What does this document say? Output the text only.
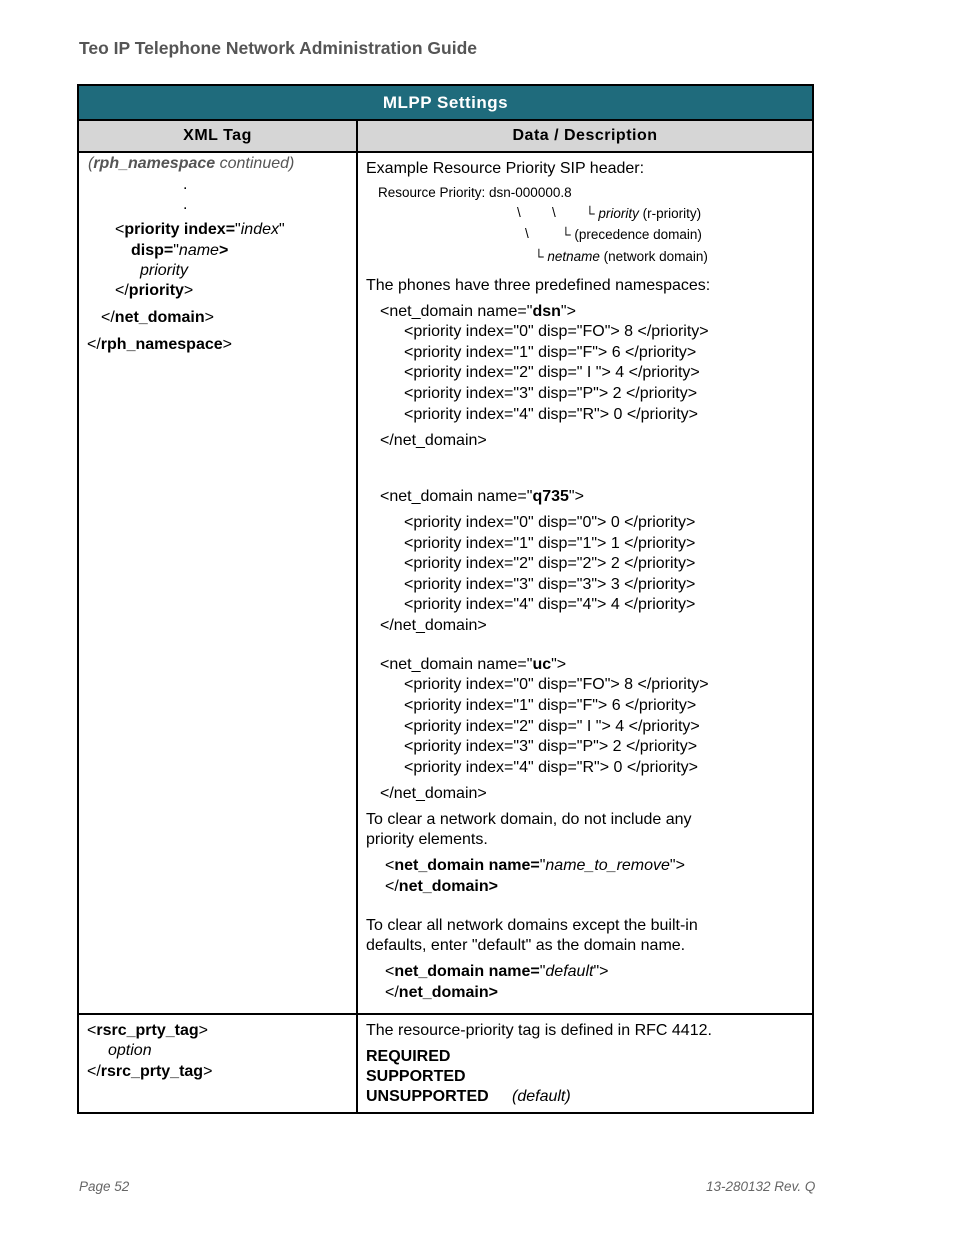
Teo IP Telephone Network Administration Guide
MLPP Settings
XML Tag	Data / Description
(rph_namespace continued)
.
.
<priority index="index"
disp="name>
priority
</priority>
</net_domain>
</rph_namespace>
Example Resource Priority SIP header:
Resource Priority: dsn-000000.8
\ \ └ priority (r-priority)
\ └ (precedence domain)
└ netname (network domain)
The phones have three predefined namespaces:
<net_domain name="dsn">
<priority index="0" disp="FO"> 8 </priority>
<priority index="1" disp="F"> 6 </priority>
<priority index="2" disp=" I "> 4 </priority>
<priority index="3" disp="P"> 2 </priority>
<priority index="4" disp="R"> 0 </priority>
</net_domain>
<net_domain name="q735">
<priority index="0" disp="0"> 0 </priority>
<priority index="1" disp="1"> 1 </priority>
<priority index="2" disp="2"> 2 </priority>
<priority index="3" disp="3"> 3 </priority>
<priority index="4" disp="4"> 4 </priority>
</net_domain>
<net_domain name="uc">
<priority index="0" disp="FO"> 8 </priority>
<priority index="1" disp="F"> 6 </priority>
<priority index="2" disp=" I "> 4 </priority>
<priority index="3" disp="P"> 2 </priority>
<priority index="4" disp="R"> 0 </priority>
</net_domain>
To clear a network domain, do not include any
priority elements.
<net_domain name="name_to_remove">
</net_domain>
To clear all network domains except the built-in
defaults, enter "default" as the domain name.
<net_domain name="default">
</net_domain>
<rsrc_prty_tag>
option
</rsrc_prty_tag>
The resource-priority tag is defined in RFC 4412.
REQUIRED
SUPPORTED
UNSUPPORTED (default)
Page 52	13-280132 Rev. Q
